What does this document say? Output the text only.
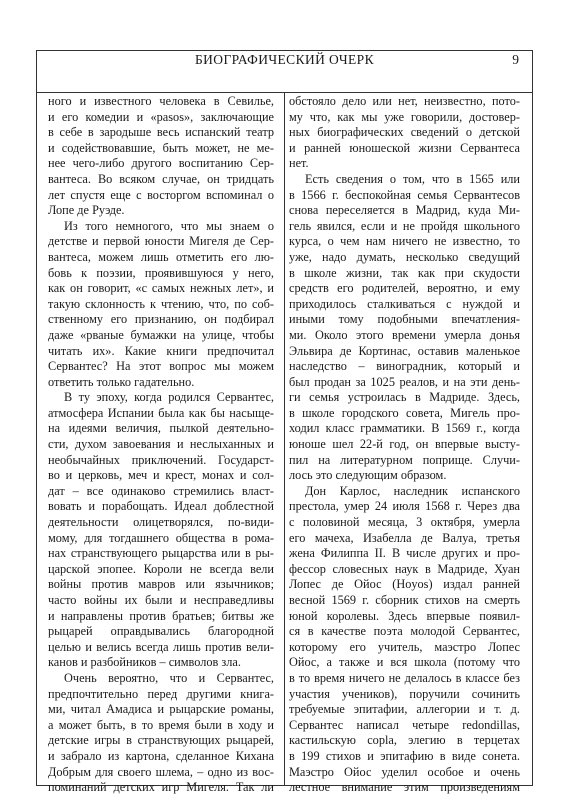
БИОГРАФИЧЕСКИЙ ОЧЕРК	9
ного и известного человека в Севилье,
и его комедии и «pasos», заключающие
в себе в зародыше весь испанский театр
и содействовавшие, быть может, не ме-
нее чего-либо другого воспитанию Сер-
вантеса. Во всяком случае, он тридцать
лет спустя еще с восторгом вспоминал о
Лопе де Руэде.
Из того немногого, что мы знаем о
детстве и первой юности Мигеля де Сер-
вантеса, можем лишь отметить его лю-
бовь к поэзии, проявившуюся у него,
как он говорит, «с самых нежных лет», и
такую склонность к чтению, что, по соб-
ственному его признанию, он подбирал
даже «рваные бумажки на улице, чтобы
читать их». Какие книги предпочитал
Сервантес? На этот вопрос мы можем
ответить только гадательно.
В ту эпоху, когда родился Сервантес,
атмосфера Испании была как бы насыще-
на идеями величия, пылкой деятельно-
сти, духом завоевания и неслыханных и
необычайных приключений. Государст-
во и церковь, меч и крест, монах и сол-
дат – все одинаково стремились власт-
вовать и порабощать. Идеал доблестной
деятельности олицетворялся, по-види-
мому, для тогдашнего общества в рома-
нах странствующего рыцарства или в ры-
царской эпопее. Короли не всегда вели
войны против мавров или язычников;
часто войны их были и несправедливы
и направлены против братьев; битвы же
рыцарей оправдывались благородной
целью и велись всегда лишь против вели-
канов и разбойников – символов зла.
Очень вероятно, что и Сервантес,
предпочтительно перед другими книга-
ми, читал Амадиса и рыцарские романы,
а может быть, в то время были в ходу и
детские игры в странствующих рыцарей,
и забрало из картона, сделанное Кихана
Добрым для своего шлема, – одно из вос-
поминаний детских игр Мигеля. Так ли
обстояло дело или нет, неизвестно, пото-
му что, как мы уже говорили, достовер-
ных биографических сведений о детской
и ранней юношеской жизни Сервантеса
нет.
Есть сведения о том, что в 1565 или
в 1566 г. беспокойная семья Сервантесов
снова переселяется в Мадрид, куда Ми-
гель явился, если и не пройдя школьного
курса, о чем нам ничего не известно, то
уже, надо думать, несколько сведущий
в школе жизни, так как при скудости
средств его родителей, вероятно, и ему
приходилось сталкиваться с нуждой и
иными тому подобными впечатления-
ми. Около этого времени умерла донья
Эльвира де Кортинас, оставив маленькое
наследство – виноградник, который и
был продан за 1025 реалов, и на эти день-
ги семья устроилась в Мадриде. Здесь,
в школе городского совета, Мигель про-
ходил класс грамматики. В 1569 г., когда
юноше шел 22-й год, он впервые высту-
пил на литературном поприще. Случи-
лось это следующим образом.
Дон Карлос, наследник испанского
престола, умер 24 июля 1568 г. Через два
с половиной месяца, 3 октября, умерла
его мачеха, Изабелла де Валуа, третья
жена Филиппа II. В числе других и про-
фессор словесных наук в Мадриде, Хуан
Лопес де Ойос (Hoyos) издал ранней
весной 1569 г. сборник стихов на смерть
юной королевы. Здесь впервые появил-
ся в качестве поэта молодой Сервантес,
которому его учитель, маэстро Лопес
Ойос, а также и вся школа (потому что
в то время ничего не делалось в классе без
участия учеников), поручили сочинить
требуемые эпитафии, аллегории и т. д.
Сервантес написал четыре redondillas,
кастильскую copla, элегию в терцетах
в 199 стихов и эпитафию в виде сонета.
Маэстро Ойос уделил особое и очень
лестное внимание этим произведениям
